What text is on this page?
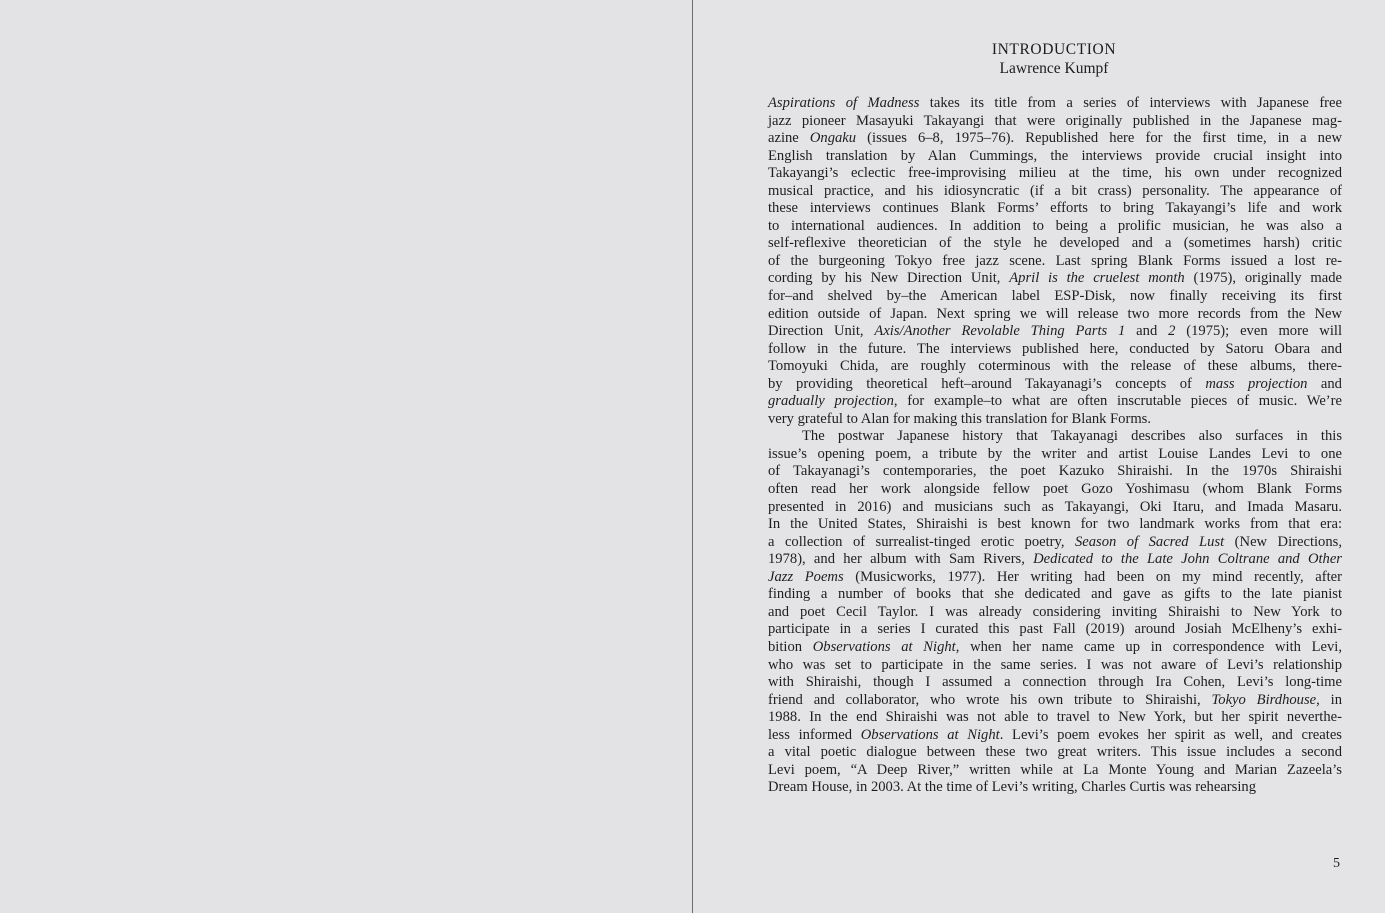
INTRODUCTION
Lawrence Kumpf
Aspirations of Madness takes its title from a series of interviews with Japanese free
jazz pioneer Masayuki Takayangi that were originally published in the Japanese mag-
azine Ongaku (issues 6–8, 1975–76). Republished here for the first time, in a new
English translation by Alan Cummings, the interviews provide crucial insight into
Takayangi’s eclectic free-improvising milieu at the time, his own under recognized
musical practice, and his idiosyncratic (if a bit crass) personality. The appearance of
these interviews continues Blank Forms’ efforts to bring Takayangi’s life and work
to international audiences. In addition to being a prolific musician, he was also a
self-reflexive theoretician of the style he developed and a (sometimes harsh) critic
of the burgeoning Tokyo free jazz scene. Last spring Blank Forms issued a lost re-
cording by his New Direction Unit, April is the cruelest month (1975), originally made
for–and shelved by–the American label ESP-Disk, now finally receiving its first
edition outside of Japan. Next spring we will release two more records from the New
Direction Unit, Axis/Another Revolable Thing Parts 1 and 2 (1975); even more will
follow in the future. The interviews published here, conducted by Satoru Obara and
Tomoyuki Chida, are roughly coterminous with the release of these albums, there-
by providing theoretical heft–around Takayanagi’s concepts of mass projection and
gradually projection, for example–to what are often inscrutable pieces of music. We’re
very grateful to Alan for making this translation for Blank Forms.
The postwar Japanese history that Takayanagi describes also surfaces in this
issue’s opening poem, a tribute by the writer and artist Louise Landes Levi to one
of Takayanagi’s contemporaries, the poet Kazuko Shiraishi. In the 1970s Shiraishi
often read her work alongside fellow poet Gozo Yoshimasu (whom Blank Forms
presented in 2016) and musicians such as Takayangi, Oki Itaru, and Imada Masaru.
In the United States, Shiraishi is best known for two landmark works from that era:
a collection of surrealist-tinged erotic poetry, Season of Sacred Lust (New Directions,
1978), and her album with Sam Rivers, Dedicated to the Late John Coltrane and Other
Jazz Poems (Musicworks, 1977). Her writing had been on my mind recently, after
finding a number of books that she dedicated and gave as gifts to the late pianist
and poet Cecil Taylor. I was already considering inviting Shiraishi to New York to
participate in a series I curated this past Fall (2019) around Josiah McElheny’s exhi-
bition Observations at Night, when her name came up in correspondence with Levi,
who was set to participate in the same series. I was not aware of Levi’s relationship
with Shiraishi, though I assumed a connection through Ira Cohen, Levi’s long-time
friend and collaborator, who wrote his own tribute to Shiraishi, Tokyo Birdhouse, in
1988. In the end Shiraishi was not able to travel to New York, but her spirit neverthe-
less informed Observations at Night. Levi’s poem evokes her spirit as well, and creates
a vital poetic dialogue between these two great writers. This issue includes a second
Levi poem, “A Deep River,” written while at La Monte Young and Marian Zazeela’s
Dream House, in 2003. At the time of Levi’s writing, Charles Curtis was rehearsing
5
